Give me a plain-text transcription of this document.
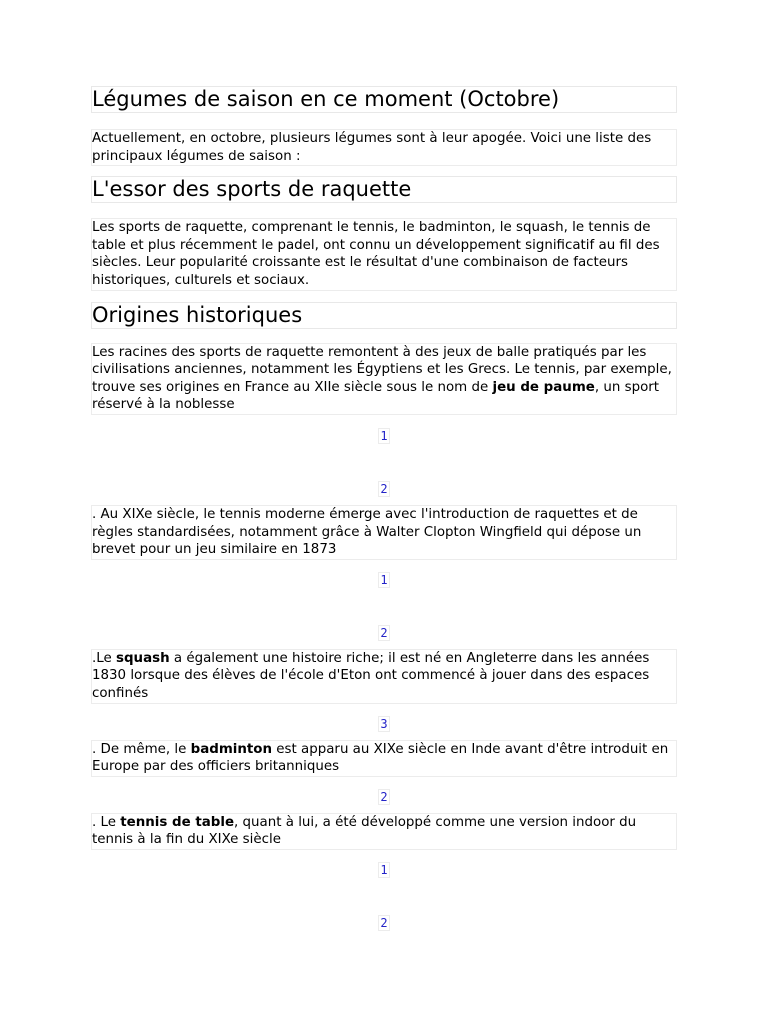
Légumes de saison en ce moment (Octobre)

Actuellement, en octobre, plusieurs légumes sont à leur apogée. Voici une liste des principaux légumes de saison :

L'essor des sports de raquette

Les sports de raquette, comprenant le tennis, le badminton, le squash, le tennis de table et plus récemment le padel, ont connu un développement significatif au fil des siècles. Leur popularité croissante est le résultat d'une combinaison de facteurs historiques, culturels et sociaux.

Origines historiques

Les racines des sports de raquette remontent à des jeux de balle pratiqués par les civilisations anciennes, notamment les Égyptiens et les Grecs. Le tennis, par exemple, trouve ses origines en France au XIIe siècle sous le nom de jeu de paume, un sport réservé à la noblesse

1
2

. Au XIXe siècle, le tennis moderne émerge avec l'introduction de raquettes et de règles standardisées, notamment grâce à Walter Clopton Wingfield qui dépose un brevet pour un jeu similaire en 1873

1
2

.Le squash a également une histoire riche; il est né en Angleterre dans les années 1830 lorsque des élèves de l'école d'Eton ont commencé à jouer dans des espaces confinés

3

. De même, le badminton est apparu au XIXe siècle en Inde avant d'être introduit en Europe par des officiers britanniques

2

. Le tennis de table, quant à lui, a été développé comme une version indoor du tennis à la fin du XIXe siècle

1
2
